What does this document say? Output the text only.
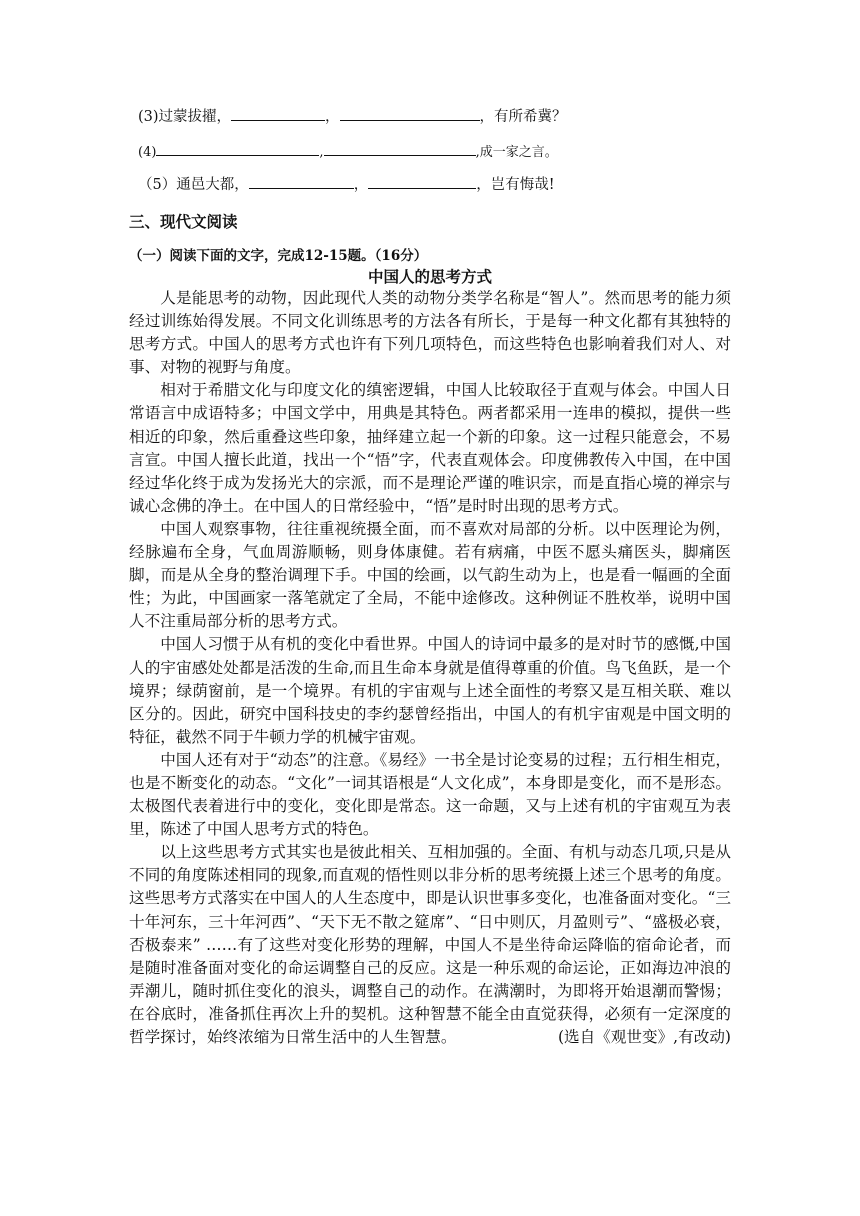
(3)过蒙拔擢，	，	，有所希冀？
(4)	,	,成一家之言。
（5）通邑大都，	，	，岂有悔哉!
三、现代文阅读
（一）阅读下面的文字，完成12-15题。（16分）
中国人的思考方式

人是能思考的动物，因此现代人类的动物分类学名称是“智人”。然而思考的能力须经过训练始得发展。不同文化训练思考的方法各有所长，于是每一种文化都有其独特的思考方式。中国人的思考方式也许有下列几项特色，而这些特色也影响着我们对人、对事、对物的视野与角度。

相对于希腊文化与印度文化的缜密逻辑，中国人比较取径于直观与体会。中国人日常语言中成语特多；中国文学中，用典是其特色。两者都采用一连串的模拟，提供一些相近的印象，然后重叠这些印象，抽绎建立起一个新的印象。这一过程只能意会，不易言宣。中国人擅长此道，找出一个“悟”字，代表直观体会。印度佛教传入中国，在中国经过华化终于成为发扬光大的宗派，而不是理论严谨的唯识宗，而是直指心境的禅宗与诚心念佛的净土。在中国人的日常经验中，“悟”是时时出现的思考方式。

中国人观察事物，往往重视统摄全面，而不喜欢对局部的分析。以中医理论为例，经脉遍布全身，气血周游顺畅，则身体康健。若有病痛，中医不愿头痛医头，脚痛医脚，而是从全身的整治调理下手。中国的绘画，以气韵生动为上，也是看一幅画的全面性；为此，中国画家一落笔就定了全局，不能中途修改。这种例证不胜枚举，说明中国人不注重局部分析的思考方式。

中国人习惯于从有机的变化中看世界。中国人的诗词中最多的是对时节的感慨,中国人的宇宙感处处都是活泼的生命,而且生命本身就是值得尊重的价值。鸟飞鱼跃，是一个境界；绿荫窗前，是一个境界。有机的宇宙观与上述全面性的考察又是互相关联、难以区分的。因此，研究中国科技史的李约瑟曾经指出，中国人的有机宇宙观是中国文明的特征，截然不同于牛顿力学的机械宇宙观。

中国人还有对于“动态”的注意。《易经》一书全是讨论变易的过程；五行相生相克，也是不断变化的动态。“文化”一词其语根是“人文化成”，本身即是变化，而不是形态。太极图代表着进行中的变化，变化即是常态。这一命题，又与上述有机的宇宙观互为表里，陈述了中国人思考方式的特色。

以上这些思考方式其实也是彼此相关、互相加强的。全面、有机与动态几项,只是从不同的角度陈述相同的现象,而直观的悟性则以非分析的思考统摄上述三个思考的角度。这些思考方式落实在中国人的人生态度中，即是认识世事多变化，也准备面对变化。“三十年河东，三十年河西”、“天下无不散之筵席”、“日中则仄，月盈则亏”、“盛极必衰，否极泰来” ……有了这些对变化形势的理解，中国人不是坐待命运降临的宿命论者，而是随时准备面对变化的命运调整自己的反应。这是一种乐观的命运论，正如海边冲浪的弄潮儿，随时抓住变化的浪头，调整自己的动作。在满潮时，为即将开始退潮而警惕；在谷底时，准备抓住再次上升的契机。这种智慧不能全由直觉获得，必须有一定深度的哲学探讨，始终浓缩为日常生活中的人生智慧。	(选自《观世变》,有改动)
